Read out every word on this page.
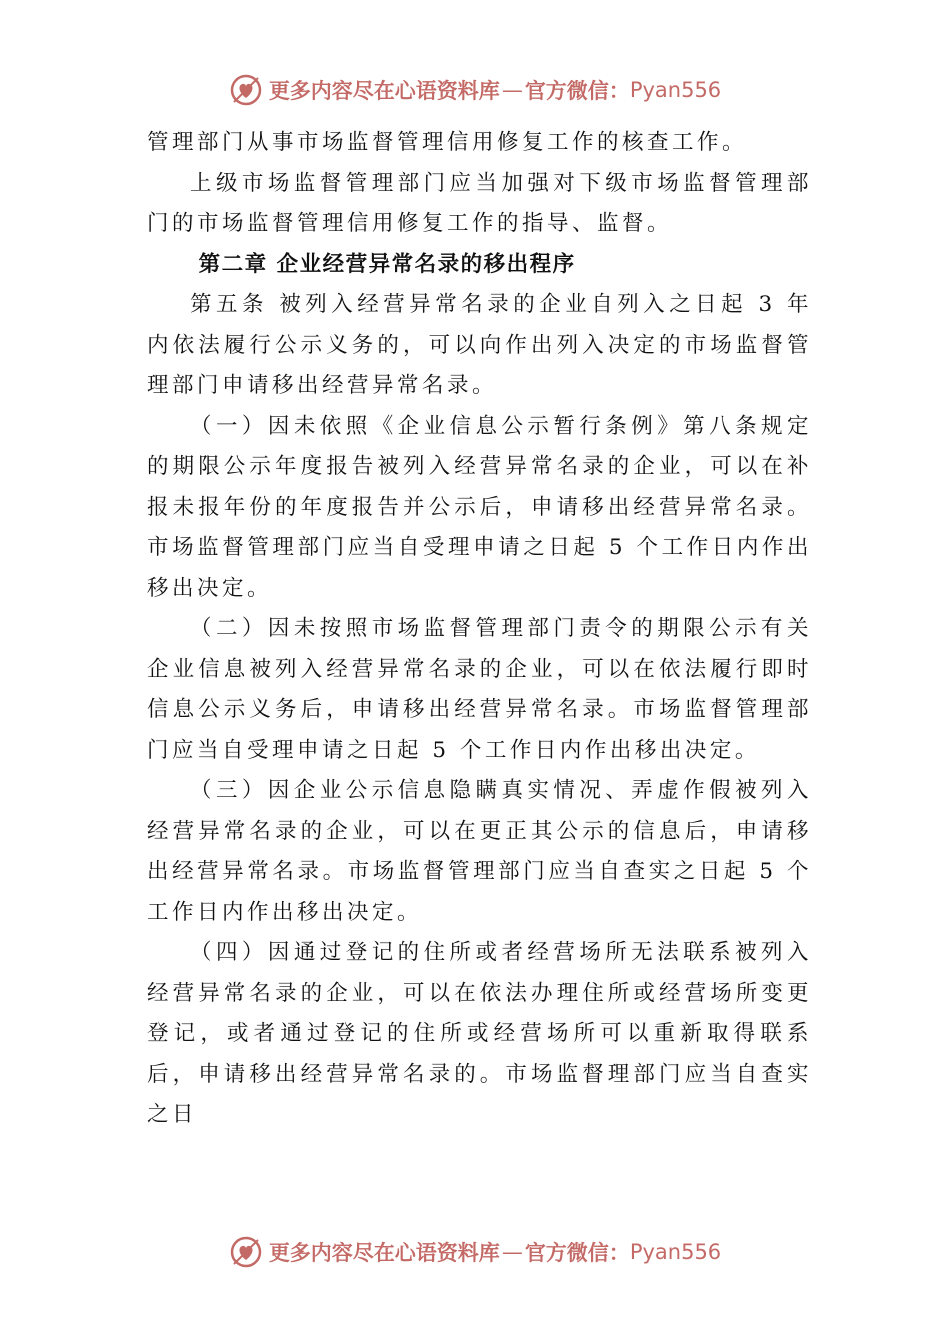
更多内容尽在心语资料库 — 官方微信： Pyan556

管理部门从事市场监督管理信用修复工作的核查工作。

上级市场监督管理部门应当加强对下级市场监督管理部门的市场监督管理信用修复工作的指导、监督。

第二章 企业经营异常名录的移出程序

第五条 被列入经营异常名录的企业自列入之日起 3 年内依法履行公示义务的，可以向作出列入决定的市场监督管理部门申请移出经营异常名录。

（一）因未依照《企业信息公示暂行条例》第八条规定的期限公示年度报告被列入经营异常名录的企业，可以在补报未报年份的年度报告并公示后，申请移出经营异常名录。 市场监督管理部门应当自受理申请之日起 5 个工作日内作出移出决定。

（二）因未按照市场监督管理部门责令的期限公示有关企业信息被列入经营异常名录的企业，可以在依法履行即时信息公示义务后，申请移出经营异常名录。市场监督管理部门应当自受理申请之日起 5 个工作日内作出移出决定。

（三）因企业公示信息隐瞒真实情况、弄虚作假被列入经营异常名录的企业，可以在更正其公示的信息后，申请移出经营异常名录。市场监督管理部门应当自查实之日起 5 个工作日内作出移出决定。

（四）因通过登记的住所或者经营场所无法联系被列入经营异常名录的企业，可以在依法办理住所或经营场所变更登记，或者通过登记的住所或经营场所可以重新取得联系后，申请移出经营异常名录的。市场监督理部门应当自查实之日

更多内容尽在心语资料库 — 官方微信： Pyan556
